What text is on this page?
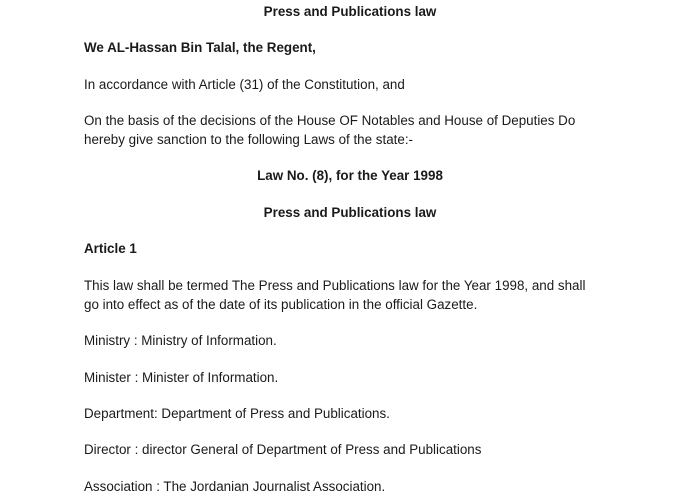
Press and Publications law
We AL-Hassan Bin Talal, the Regent,
In accordance with Article (31) of the Constitution, and
On the basis of the decisions of the House OF Notables and House of Deputies Do
hereby give sanction to the following Laws of the state:-
Law No. (8), for the Year 1998
Press and Publications law
Article 1
This law shall be termed The Press and Publications law for the Year 1998, and shall
go into effect as of the date of its publication in the official Gazette.
Ministry : Ministry of Information.
Minister : Minister of Information.
Department: Department of Press and Publications.
Director : director General of Department of Press and Publications
Association : The Jordanian Journalist Association.
